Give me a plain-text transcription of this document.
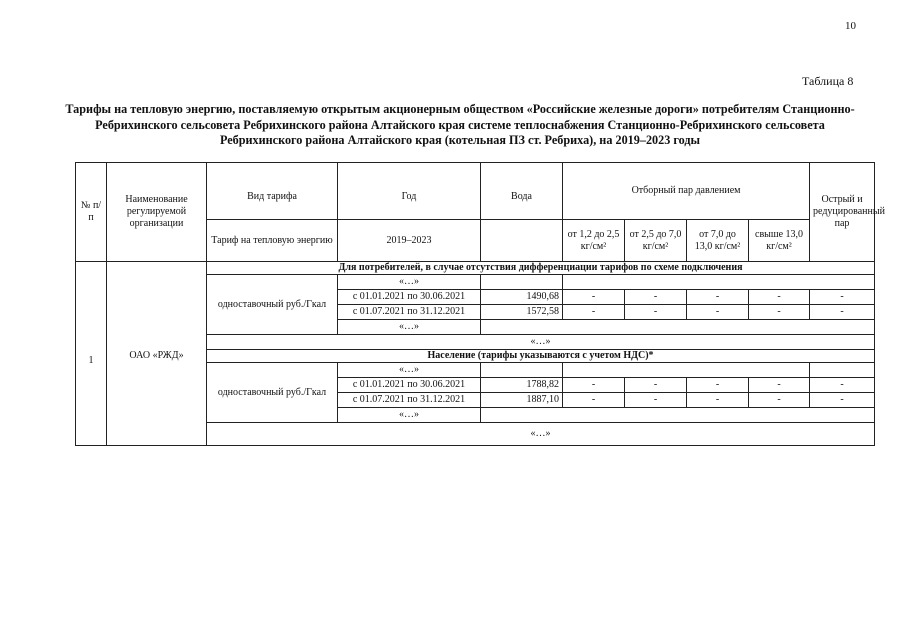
10
Таблица 8
Тарифы на тепловую энергию, поставляемую открытым акционерным обществом «Российские железные дороги» потребителям Станционно-Ребрихинского сельсовета Ребрихинского района Алтайского края системе теплоснабжения Станционно-Ребрихинского сельсовета Ребрихинского района Алтайского края (котельная ПЗ ст. Ребриха), на 2019–2023 годы
№ п/п	Наименование регулируемой организации	Вид тарифа	Год	Вода	Отборный пар давлением				Острый и редуцированный пар	
		Тариф на тепловую энергию	2019–2023		от 1,2 до 2,5 кг/см²	от 2,5 до 7,0 кг/см²	от 7,0 до 13,0 кг/см²	свыше 13,0 кг/см²		
1	ОАО «РЖД»	Для потребителей, в случае отсутствия дифференциации тарифов по схеме подключения								
		одноставочный руб./Гкал	«…»							
			с 01.01.2021 по 30.06.2021	1490,68	-	-	-	-	-	
			с 01.07.2021 по 31.12.2021	1572,58	-	-	-	-	-	
			«…»							
		«…»								
		Население (тарифы указываются с учетом НДС)*								
		одноставочный руб./Гкал	«…»							
			с 01.01.2021 по 30.06.2021	1788,82	-	-	-	-	-	
			с 01.07.2021 по 31.12.2021	1887,10	-	-	-	-	-	
			«…»							
		«…»								
